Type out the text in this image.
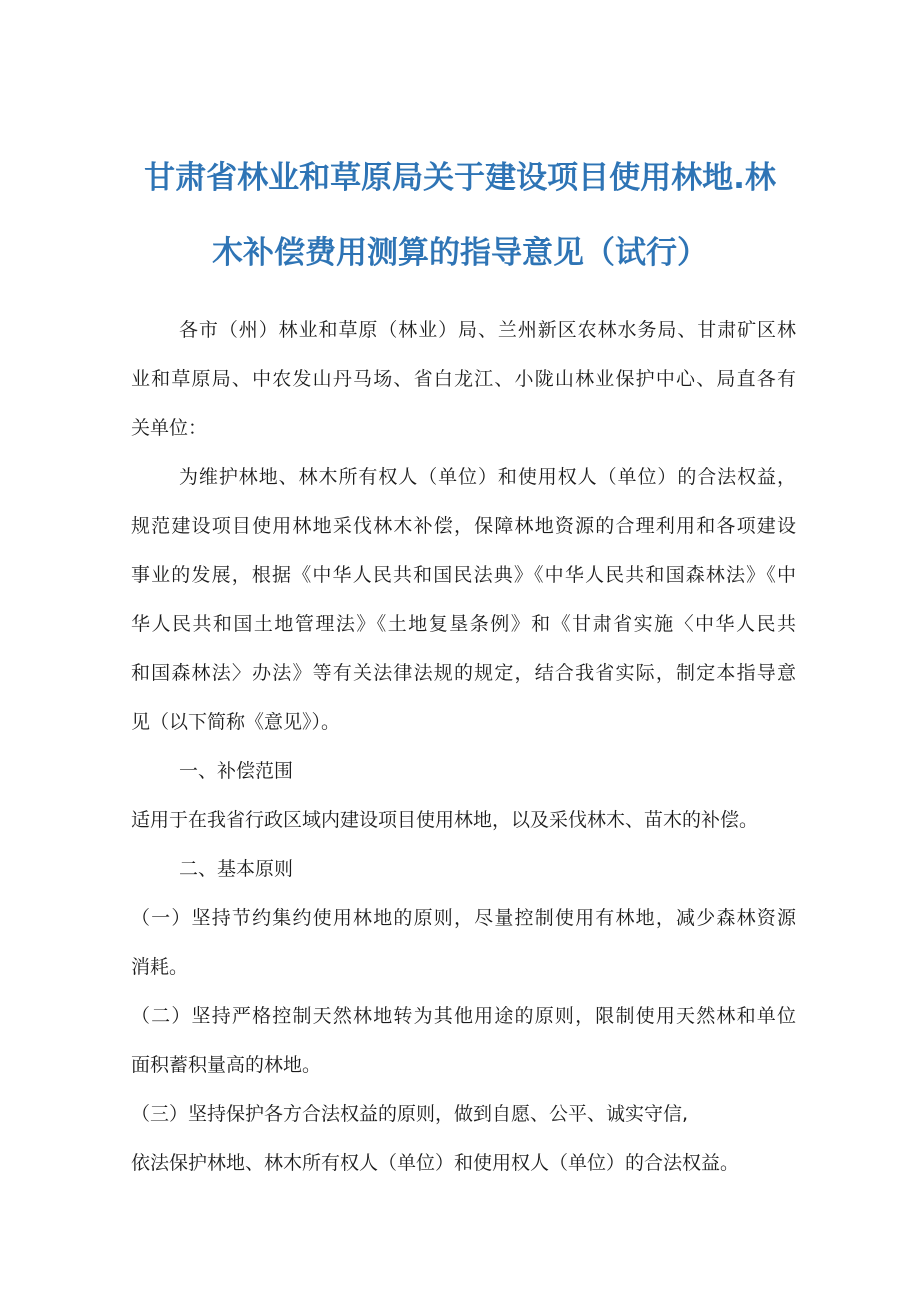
甘肃省林业和草原局关于建设项目使用林地.林
木补偿费用测算的指导意见（试行）
各市（州）林业和草原（林业）局、兰州新区农林水务局、甘肃矿区林
业和草原局、中农发山丹马场、省白龙江、小陇山林业保护中心、局直各有
关单位：
为维护林地、林木所有权人（单位）和使用权人（单位）的合法权益，
规范建设项目使用林地采伐林木补偿，保障林地资源的合理利用和各项建设
事业的发展，根据《中华人民共和国民法典》《中华人民共和国森林法》《中
华人民共和国土地管理法》《土地复垦条例》和《甘肃省实施〈中华人民共
和国森林法〉办法》等有关法律法规的规定，结合我省实际，制定本指导意
见（以下简称《意见》）。
一、补偿范围
适用于在我省行政区域内建设项目使用林地，以及采伐林木、苗木的补偿。
二、基本原则
（一）坚持节约集约使用林地的原则，尽量控制使用有林地，减少森林资源
消耗。
（二）坚持严格控制天然林地转为其他用途的原则，限制使用天然林和单位
面积蓄积量高的林地。
（三）坚持保护各方合法权益的原则，做到自愿、公平、诚实守信,
依法保护林地、林木所有权人（单位）和使用权人（单位）的合法权益。
